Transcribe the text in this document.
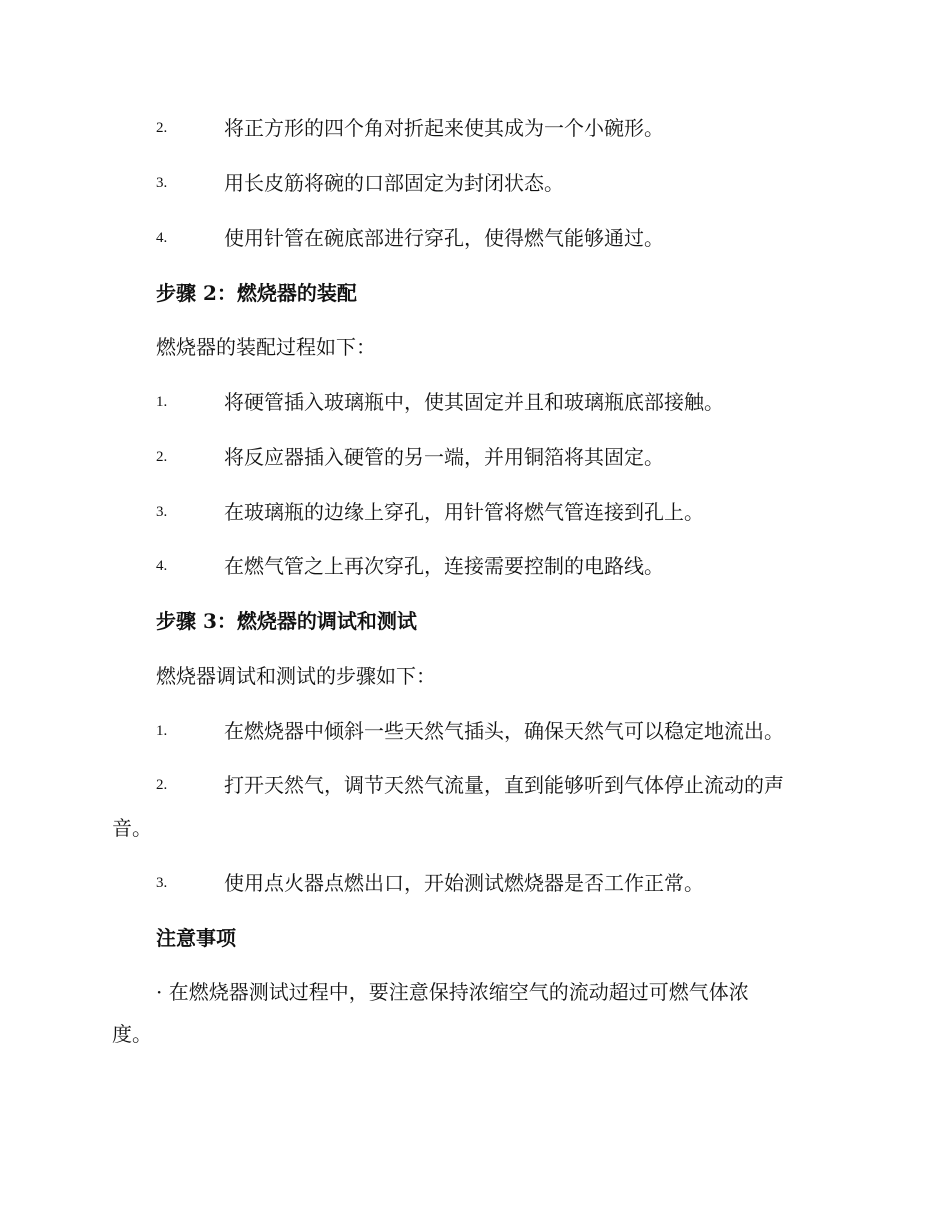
2.	将正方形的四个角对折起来使其成为一个小碗形。
3.	用长皮筋将碗的口部固定为封闭状态。
4.	使用针管在碗底部进行穿孔，使得燃气能够通过。
步骤 2：燃烧器的装配
燃烧器的装配过程如下：
1.	将硬管插入玻璃瓶中，使其固定并且和玻璃瓶底部接触。
2.	将反应器插入硬管的另一端，并用铜箔将其固定。
3.	在玻璃瓶的边缘上穿孔，用针管将燃气管连接到孔上。
4.	在燃气管之上再次穿孔，连接需要控制的电路线。
步骤 3：燃烧器的调试和测试
燃烧器调试和测试的步骤如下：
1.	在燃烧器中倾斜一些天然气插头，确保天然气可以稳定地流出。
2.	打开天然气，调节天然气流量，直到能够听到气体停止流动的声
音。
3.	使用点火器点燃出口，开始测试燃烧器是否工作正常。
注意事项
· 在燃烧器测试过程中，要注意保持浓缩空气的流动超过可燃气体浓
度。
